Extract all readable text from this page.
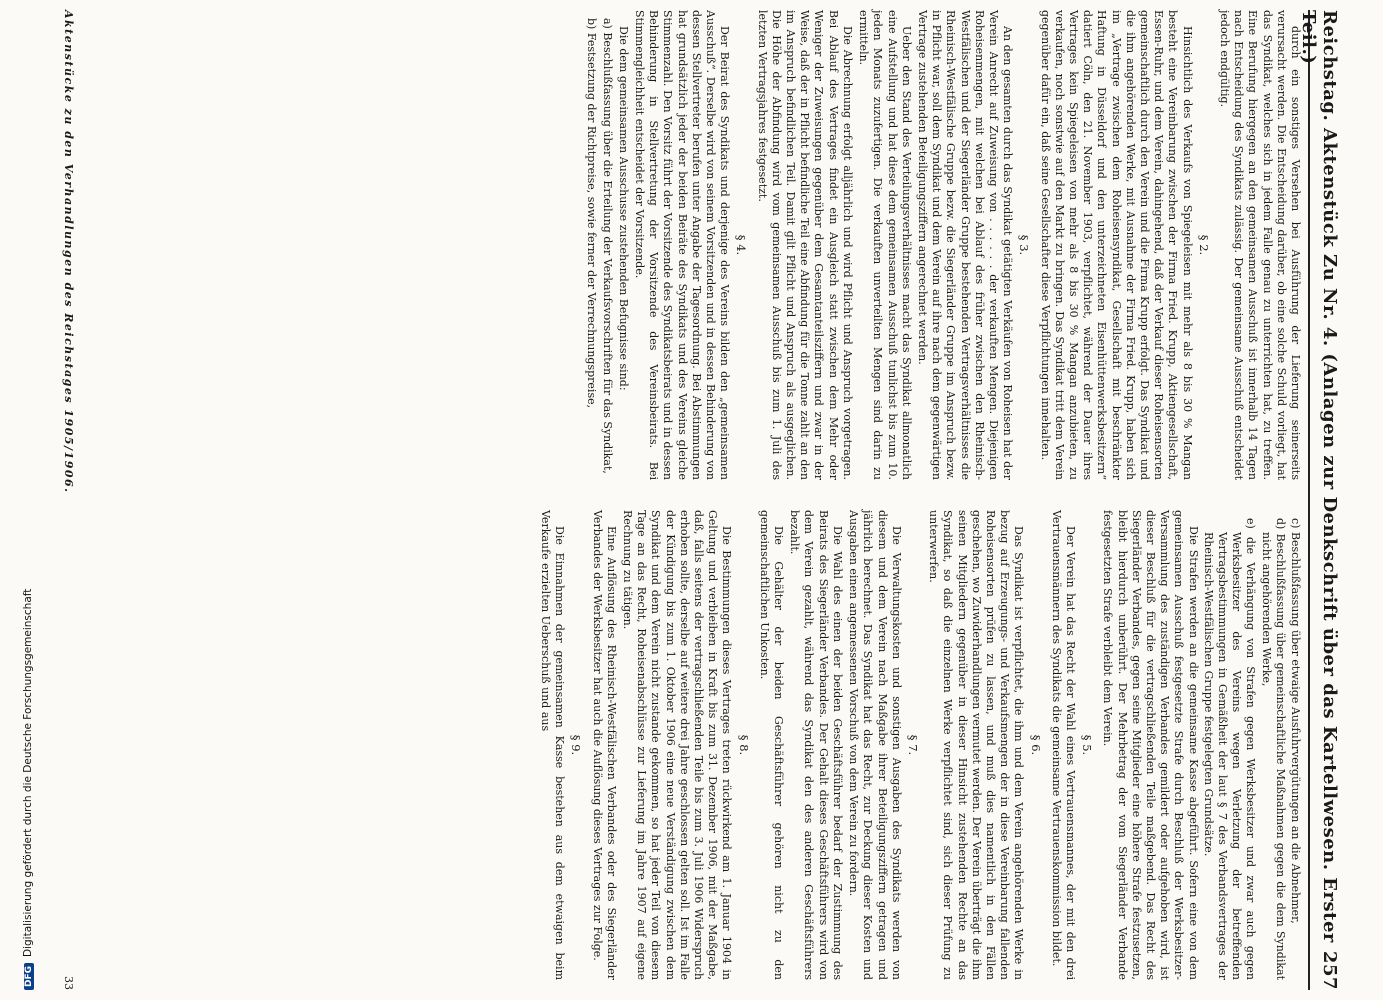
Reichstag. Aktenstück Zu Nr. 4. (Anlagen zur Denkschrift über das Kartellwesen. Erster Teil.)
257

durch ein sonstiges Versehen bei Ausführung der Lieferung seinerseits verursacht werden. Die Entscheidung darüber, ob eine solche Schuld vorliegt, hat das Syndikat, welches sich in jedem Falle genau zu unterrichten hat, zu treffen. Eine Berufung hiergegen an den gemeinsamen Ausschuß ist innerhalb 14 Tagen nach Entscheidung des Syndikats zulässig. Der gemeinsame Ausschuß entscheidet jedoch endgültig.

§ 2.

Hinsichtlich des Verkaufs von Spiegeleisen mit mehr als 8 bis 30 % Mangan besteht eine Vereinbarung zwischen der Firma Fried. Krupp, Aktiengesellschaft, Essen-Ruhr, und dem Verein, dahingehend, daß der Verkauf dieser Roheisensorten gemeinschaftlich durch den Verein und die Firma Krupp erfolgt. Das Syndikat und die ihm angehörenden Werke, mit Ausnahme der Firma Fried. Krupp, haben sich im „Vertrage zwischen dem Roheisensyndikat, Gesellschaft mit beschränkter Haftung in Düsseldorf und den unterzeichneten Eisenhüttenwerksbesitzern“ datiert Cöln, den 21. November 1903, verpflichtet, während der Dauer ihres Vertrages kein Spiegeleisen von mehr als 8 bis 30 % Mangan anzubieten, zu verkaufen, noch sonstwie auf den Markt zu bringen. Das Syndikat tritt dem Verein gegenüber dafür ein, daß seine Gesellschafter diese Verpflichtungen innehalten.

§ 3.

An den gesamten durch das Syndikat getätigten Verkäufen von Roheisen hat der Verein Anrecht auf Zuweisung von . . . . . . der verkauften Mengen. Diejenigen Roheisenmengen, mit welchen bei Ablauf des früher zwischen den Rheinisch-Westfälischen und der Siegerländer Gruppe bestehenden Vertragsverhältnisses die Rheinisch-Westfälische Gruppe bezw. die Siegerländer Gruppe im Anspruch bezw. in Pflicht war, soll dem Syndikat und dem Verein auf ihre nach dem gegenwärtigen Vertrage zustehenden Beteiligungsziffern angerechnet werden.

Ueber den Stand des Verteilungsverhältnisses macht das Syndikat allmonatlich eine Aufstellung und hat diese dem gemeinsamen Ausschuß tunlichst bis zum 10. jeden Monats zuzufertigen. Die verkauften unverteilten Mengen sind darin zu ermitteln.

Die Abrechnung erfolgt alljährlich und wird Pflicht und Anspruch vorgetragen. Bei Ablauf des Vertrages findet ein Ausgleich statt zwischen dem Mehr oder Weniger der Zuweisungen gegenüber dem Gesamtanteilsziffern und zwar in der Weise, daß der in Pflicht befindliche Teil eine Abfindung für die Tonne zahlt an den im Anspruch befindlichen Teil. Damit gilt Pflicht und Anspruch als ausgeglichen. Die Höhe der Abfindung wird vom gemeinsamen Ausschuß bis zum 1. Juli des letzten Vertragsjahres festgesetzt.

§ 4.

Der Beirat des Syndikats und derjenige des Vereins bilden den „gemeinsamen Ausschuß“. Derselbe wird von seinem Vorsitzenden und in dessen Behinderung von dessen Stellvertreter berufen unter Angabe der Tagesordnung. Bei Abstimmungen hat grundsätzlich jeder der beiden Beiräte des Syndikats und des Vereins gleiche Stimmenzahl. Den Vorsitz führt der Vorsitzende des Syndikatsbeirats und in dessen Behinderung in Stellvertretung der Vorsitzende des Vereinsbeirats. Bei Stimmengleichheit entscheidet der Vorsitzende.

Die dem gemeinsamen Ausschusse zustehenden Befugnisse sind:

a) Beschlußfassung über die Erteilung der Verkaufsvorschriften für das Syndikat,

b) Festsetzung der Richtpreise, sowie ferner der Verrechnungspreise,

c) Beschlußfassung über etwaige Ausfuhrvergütungen an die Abnehmer,

d) Beschlußfassung über gemeinschaftliche Maßnahmen gegen die dem Syndikat nicht angehörenden Werke,

e) die Verhängung von Strafen gegen Werksbesitzer und zwar auch gegen Werksbesitzer des Vereins wegen Verletzung der betreffenden Vertragsbestimmungen in Gemäßheit der laut § 7 des Verbandsvertrages der Rheinisch-Westfälischen Gruppe festgelegten Grundsätze.

Die Strafen werden an die gemeinsame Kasse abgeführt. Sofern eine von dem gemeinsamen Ausschuß festgesetzte Strafe durch Beschluß der Werksbesitzer-Versammlung des zuständigen Verbandes gemildert oder aufgehoben wird, ist dieser Beschluß für die vertragschließenden Teile maßgebend. Das Recht des Siegerländer Verbandes, gegen seine Mitglieder eine höhere Strafe festzusetzen, bleibt hierdurch unberührt. Der Mehrbetrag der vom Siegerländer Verbande festgesetzten Strafe verbleibt dem Verein.

§ 5.

Der Verein hat das Recht der Wahl eines Vertrauensmannes, der mit den drei Vertrauensmännern des Syndikats die gemeinsame Vertrauenskommission bildet.

§ 6.

Das Syndikat ist verpflichtet, die ihm und dem Verein angehörenden Werke in bezug auf Erzeugungs- und Verkaufsmengen der in diese Vereinbarung fallenden Roheisensorten prüfen zu lassen, und muß dies namentlich in den Fällen geschehen, wo Zuwiderhandlungen vermutet werden. Der Verein überträgt die ihm seinen Mitgliedern gegenüber in dieser Hinsicht zustehenden Rechte an das Syndikat, so daß die einzelnen Werke verpflichtet sind, sich dieser Prüfung zu unterwerfen.

§ 7.

Die Verwaltungskosten und sonstigen Ausgaben des Syndikats werden von diesem und dem Verein nach Maßgabe ihrer Beteiligungsziffern getragen und jährlich berechnet. Das Syndikat hat das Recht, zur Deckung dieser Kosten und Ausgaben einen angemessenen Vorschuß von dem Verein zu fordern.

Die Wahl des einen der beiden Geschäftsführer bedarf der Zustimmung des Beirats des Siegerländer Verbandes. Der Gehalt dieses Geschäftsführers wird von dem Verein gezahlt, während das Syndikat den des anderen Geschäftsführers bezahlt.

Die Gehälter der beiden Geschäftsführer gehören nicht zu den gemeinschaftlichen Unkosten.

§ 8.

Die Bestimmungen dieses Vertrages treten rückwirkend am 1. Januar 1904 in Geltung und verbleiben in Kraft bis zum 31. Dezember 1906, mit der Maßgabe, daß, falls seitens der vertragschließenden Teile bis zum 3. Juli 1906 Widerspruch erhoben sollte, derselbe auf weitere drei Jahre geschlossen gelten soll. Ist im Falle der Kündigung bis zum 1. Oktober 1906 eine neue Verständigung zwischen dem Syndikat und dem Verein nicht zustande gekommen, so hat jeder Teil von diesem Tage an das Recht, Roheisenabschlüsse zur Lieferung im Jahre 1907 auf eigene Rechnung zu tätigen.

Eine Auflösung des Rheinisch-Westfälischen Verbandes oder des Siegerländer Verbandes der Werksbesitzer hat auch die Auflösung dieses Vertrages zur Folge.

§ 9.

Die Einnahmen der gemeinsamen Kasse bestehen aus dem etwaigen beim Verkaufe erzielten Ueberschuß und aus

Aktenstücke zu den Verhandlungen des Reichstages 1905/1906.
33
DFGDigitalisierung gefördert durch die Deutsche Forschungsgemeinschaft
